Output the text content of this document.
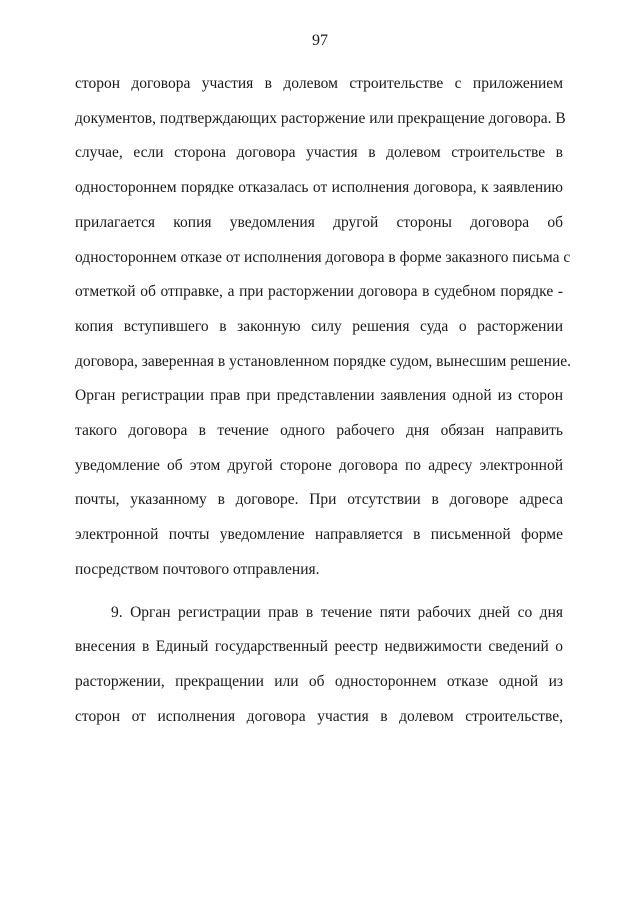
97

сторон договора участия в долевом строительстве с приложением
документов, подтверждающих расторжение или прекращение договора. В
случае, если сторона договора участия в долевом строительстве в
одностороннем порядке отказалась от исполнения договора, к заявлению
прилагается копия уведомления другой стороны договора об
одностороннем отказе от исполнения договора в форме заказного письма с
отметкой об отправке, а при расторжении договора в судебном порядке -
копия вступившего в законную силу решения суда о расторжении
договора, заверенная в установленном порядке судом, вынесшим решение.
Орган регистрации прав при представлении заявления одной из сторон
такого договора в течение одного рабочего дня обязан направить
уведомление об этом другой стороне договора по адресу электронной
почты, указанному в договоре. При отсутствии в договоре адреса
электронной почты уведомление направляется в письменной форме
посредством почтового отправления.

9. Орган регистрации прав в течение пяти рабочих дней со дня
внесения в Единый государственный реестр недвижимости сведений о
расторжении, прекращении или об одностороннем отказе одной из
сторон от исполнения договора участия в долевом строительстве,
